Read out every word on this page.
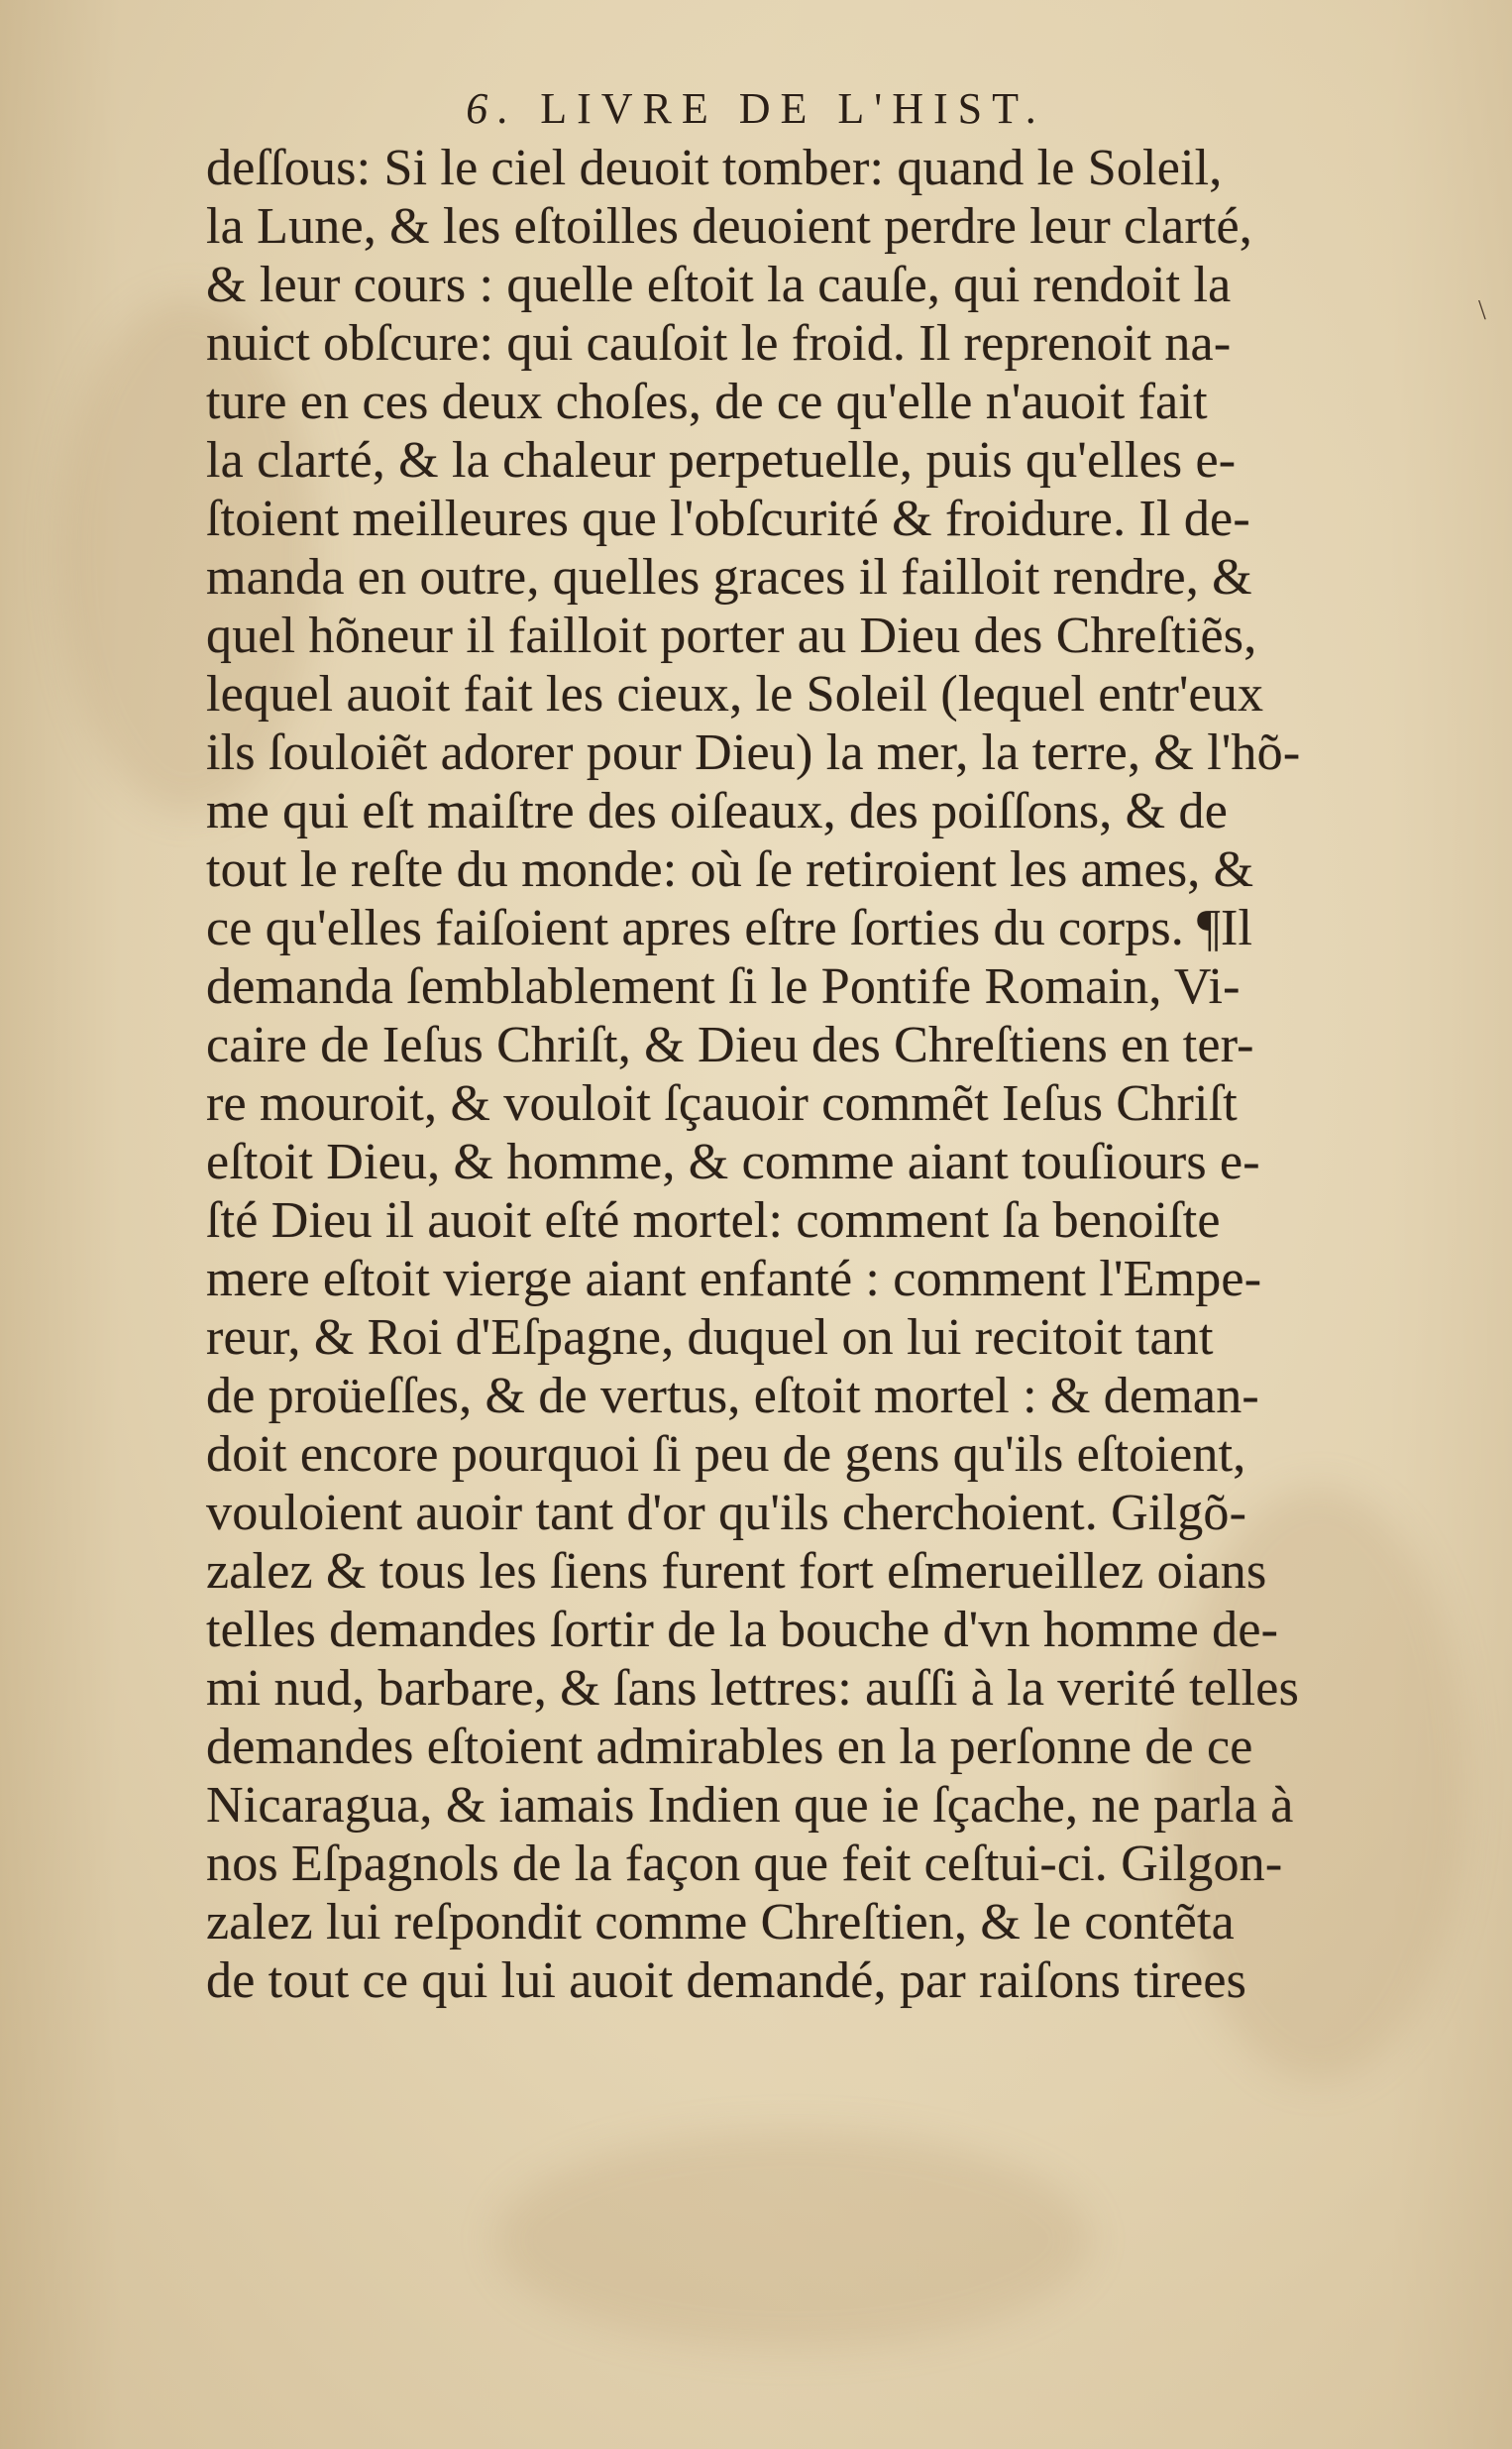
6. LIVRE DE L'HIST.
\
deſſous: Si le ciel deuoit tomber: quand le Soleil,
la Lune, & les eſtoilles deuoient perdre leur clarté,
& leur cours : quelle eſtoit la cauſe, qui rendoit la
nuict obſcure: qui cauſoit le froid. Il reprenoit na-
ture en ces deux choſes, de ce qu'elle n'auoit fait
la clarté, & la chaleur perpetuelle, puis qu'elles e-
ſtoient meilleures que l'obſcurité & froidure. Il de-
manda en outre, quelles graces il failloit rendre, &
quel hõneur il failloit porter au Dieu des Chreſtiẽs,
lequel auoit fait les cieux, le Soleil (lequel entr'eux
ils ſouloiẽt adorer pour Dieu) la mer, la terre, & l'hõ-
me qui eſt maiſtre des oiſeaux, des poiſſons, & de
tout le reſte du monde: où ſe retiroient les ames, &
ce qu'elles faiſoient apres eſtre ſorties du corps. ¶Il
demanda ſemblablement ſi le Pontife Romain, Vi-
caire de Ieſus Chriſt, & Dieu des Chreſtiens en ter-
re mouroit, & vouloit ſçauoir commẽt Ieſus Chriſt
eſtoit Dieu, & homme, & comme aiant touſiours e-
ſté Dieu il auoit eſté mortel: comment ſa benoiſte
mere eſtoit vierge aiant enfanté : comment l'Empe-
reur, & Roi d'Eſpagne, duquel on lui recitoit tant
de proüeſſes, & de vertus, eſtoit mortel : & deman-
doit encore pourquoi ſi peu de gens qu'ils eſtoient,
vouloient auoir tant d'or qu'ils cherchoient. Gilgõ-
zalez & tous les ſiens furent fort eſmerueillez oians
telles demandes ſortir de la bouche d'vn homme de-
mi nud, barbare, & ſans lettres: auſſi à la verité telles
demandes eſtoient admirables en la perſonne de ce
Nicaragua, & iamais Indien que ie ſçache, ne parla à
nos Eſpagnols de la façon que feit ceſtui-ci. Gilgon-
zalez lui reſpondit comme Chreſtien, & le contẽta
de tout ce qui lui auoit demandé, par raiſons tirees
